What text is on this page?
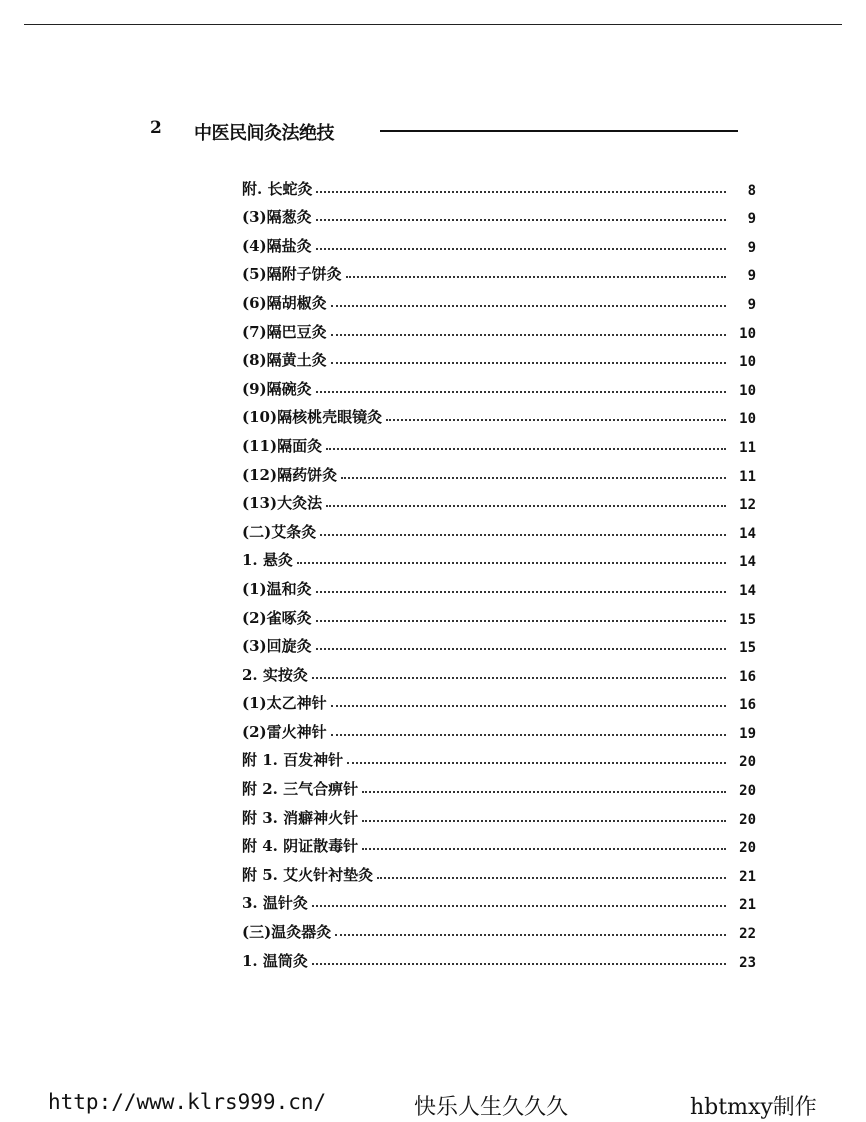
2 中医民间灸法绝技
附. 长蛇灸	8
(3)隔葱灸	9
(4)隔盐灸	9
(5)隔附子饼灸	9
(6)隔胡椒灸	9
(7)隔巴豆灸	10
(8)隔黄土灸	10
(9)隔碗灸	10
(10)隔核桃壳眼镜灸	10
(11)隔面灸	11
(12)隔药饼灸	11
(13)大灸法	12
(二)艾条灸	14
1. 悬灸	14
(1)温和灸	14
(2)雀啄灸	15
(3)回旋灸	15
2. 实按灸	16
(1)太乙神针	16
(2)雷火神针	19
附 1. 百发神针	20
附 2. 三气合痹针	20
附 3. 消癖神火针	20
附 4. 阴证散毒针	20
附 5. 艾火针衬垫灸	21
3. 温针灸	21
(三)温灸器灸	22
1. 温筒灸	23
http://www.klrs999.cn/	快乐人生久久久	hbtmxy制作
